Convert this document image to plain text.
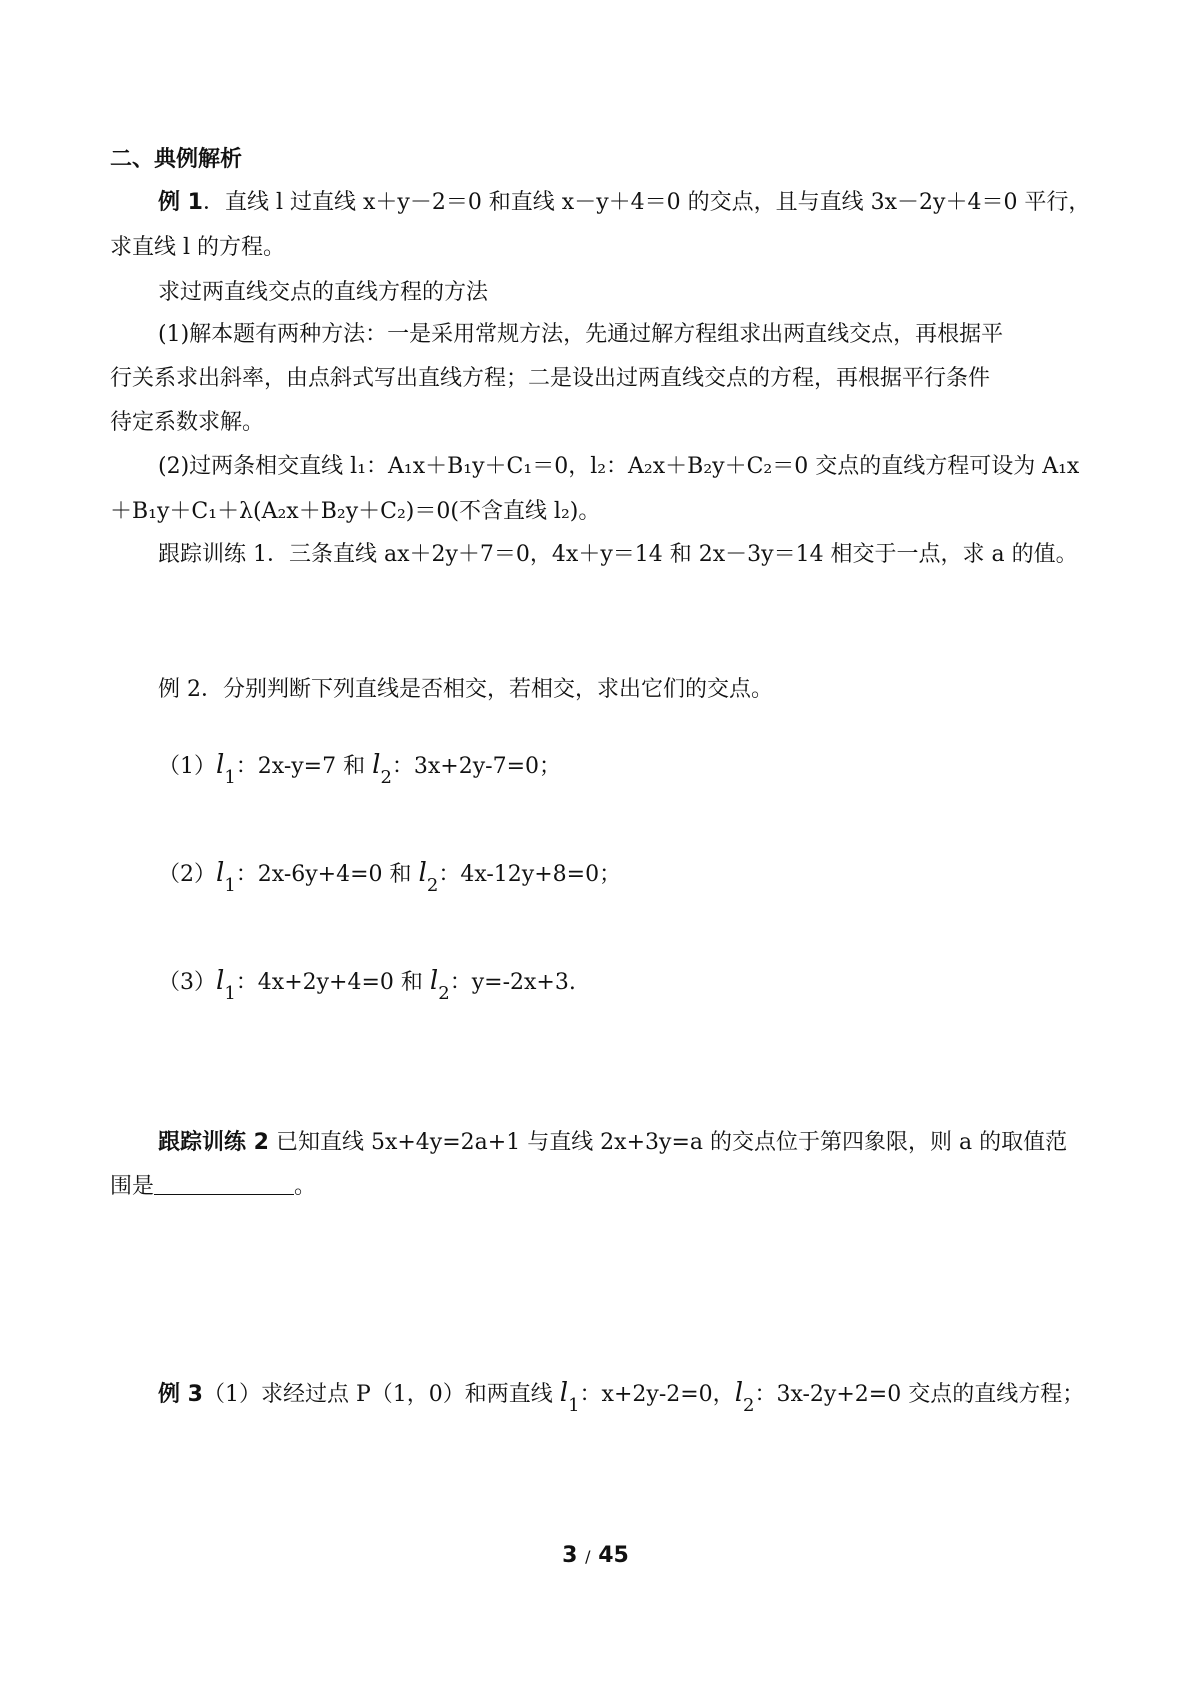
二、典例解析
例 1．直线 l 过直线 x＋y－2＝0 和直线 x－y＋4＝0 的交点，且与直线 3x－2y＋4＝0 平行，
求直线 l 的方程。
求过两直线交点的直线方程的方法
(1)解本题有两种方法：一是采用常规方法，先通过解方程组求出两直线交点，再根据平
行关系求出斜率，由点斜式写出直线方程；二是设出过两直线交点的方程，再根据平行条件
待定系数求解。
(2)过两条相交直线 l₁：A₁x＋B₁y＋C₁＝0，l₂：A₂x＋B₂y＋C₂＝0 交点的直线方程可设为 A₁x
＋B₁y＋C₁＋λ(A₂x＋B₂y＋C₂)＝0(不含直线 l₂)。
跟踪训练 1．三条直线 ax＋2y＋7＝0，4x＋y＝14 和 2x－3y＝14 相交于一点，求 a 的值。
例 2．分别判断下列直线是否相交，若相交，求出它们的交点。
$(1)l_1$：2x-y=7 和 $l_2$：3x+2y-7=0；
$(2)l_1$：2x-6y+4=0 和 $l_2$：4x-12y+8=0；
$(3)l_1$：4x+2y+4=0 和 $l_2$：y=-2x+3.
跟踪训练 2 已知直线 5x+4y=2a+1 与直线 2x+3y=a 的交点位于第四象限，则 a 的取值范
围是	。
例 3（1）求经过点 P（1，0）和两直线 $l_1$：x+2y-2=0，$l_2$：3x-2y+2=0 交点的直线方程；
3 / 45
